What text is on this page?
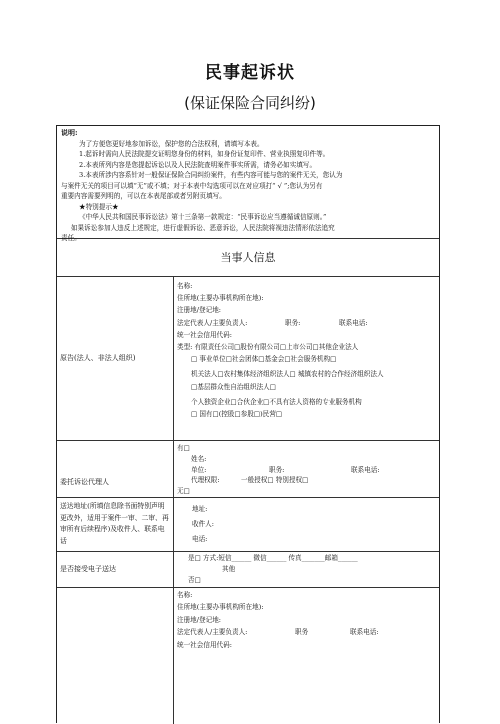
民事起诉状
(保证保险合同纠纷)
说明:
为了方便您更好地参加诉讼，保护您的合法权利，请填写本表。
1.起诉时需向人民法院提交证明您身份的材料，如身份证复印件、营业执照复印件等。
2.本表所列内容是您提起诉讼以及人民法院查明案件事实所需，请务必如实填写。
3.本表所涉内容系针对一般保证保险合同纠纷案件，有些内容可能与您的案件无关，您认为
与案件无关的项目可以填“无”或不填；对于本表中勾选项可以在对应项打“ √ ”;您认为另有
重要内容需要列明的，可以在本表尾部或者另附页填写。
★特别提示★
《中华人民共和国民事诉讼法》第十三条第一款规定：“民事诉讼应当遵循诚信原则。”
如果诉讼参加人违反上述规定，进行虚假诉讼、恶意诉讼，人民法院将视违法情形依法追究
责任。
当事人信息
原告(法人、非法人组织)
名称:
住所地(主要办事机构所在地):
注册地/登记地:
法定代表人/主要负责人:	职务:	联系电话:
统一社会信用代码:
类型: 有限责任公司□股份有限公司□上市公司□其他企业法人
□ 事业单位□社会团体□基金会□社会服务机构□
机关法人□农村集体经济组织法人□ 城镇农村的合作经济组织法人
□基层群众性自治组织法人□
个人独资企业□合伙企业□不具有法人资格的专业服务机构
□ 国有□(控股□参股□)民营□
委托诉讼代理人
有□
姓名:
单位:	职务:	联系电话:
代理权限:	一般授权□ 特别授权□
无□
送达地址(所填信息除书面特别声明更改外，适用于案件一审、二审、再审所有后续程序)及收件人、联系电话
地址:
收件人:
电话:
是否接受电子送达
是□ 方式:短信______ 微信______ 传真_______邮箱______
其他
否□
名称:
住所地(主要办事机构所在地):
注册地/登记地:
法定代表人/主要负责人:	职务	联系电话:
统一社会信用代码:
